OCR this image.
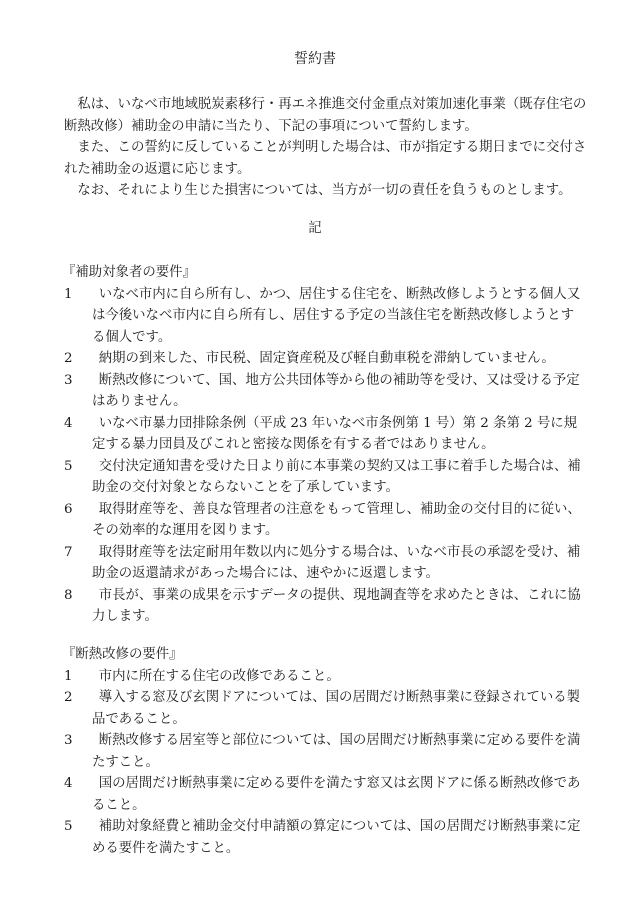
誓約書

私は、いなべ市地域脱炭素移行・再エネ推進交付金重点対策加速化事業（既存住宅の断熱改修）補助金の申請に当たり、下記の事項について誓約します。

また、この誓約に反していることが判明した場合は、市が指定する期日までに交付された補助金の返還に応じます。

なお、それにより生じた損害については、当方が一切の責任を負うものとします。

記

『補助対象者の要件』

1	いなべ市内に自ら所有し、かつ、居住する住宅を、断熱改修しようとする個人又は今後いなべ市内に自ら所有し、居住する予定の当該住宅を断熱改修しようとする個人です。
2	納期の到来した、市民税、固定資産税及び軽自動車税を滞納していません。
3	断熱改修について、国、地方公共団体等から他の補助等を受け、又は受ける予定はありません。
4	いなべ市暴力団排除条例（平成 23 年いなべ市条例第 1 号）第 2 条第 2 号に規定する暴力団員及びこれと密接な関係を有する者ではありません。
5	交付決定通知書を受けた日より前に本事業の契約又は工事に着手した場合は、補助金の交付対象とならないことを了承しています。
6	取得財産等を、善良な管理者の注意をもって管理し、補助金の交付目的に従い、その効率的な運用を図ります。
7	取得財産等を法定耐用年数以内に処分する場合は、いなべ市長の承認を受け、補助金の返還請求があった場合には、速やかに返還します。
8	市長が、事業の成果を示すデータの提供、現地調査等を求めたときは、これに協力します。

『断熱改修の要件』

1	市内に所在する住宅の改修であること。
2	導入する窓及び玄関ドアについては、国の居間だけ断熱事業に登録されている製品であること。
3	断熱改修する居室等と部位については、国の居間だけ断熱事業に定める要件を満たすこと。
4	国の居間だけ断熱事業に定める要件を満たす窓又は玄関ドアに係る断熱改修であること。
5	補助対象経費と補助金交付申請額の算定については、国の居間だけ断熱事業に定める要件を満たすこと。
